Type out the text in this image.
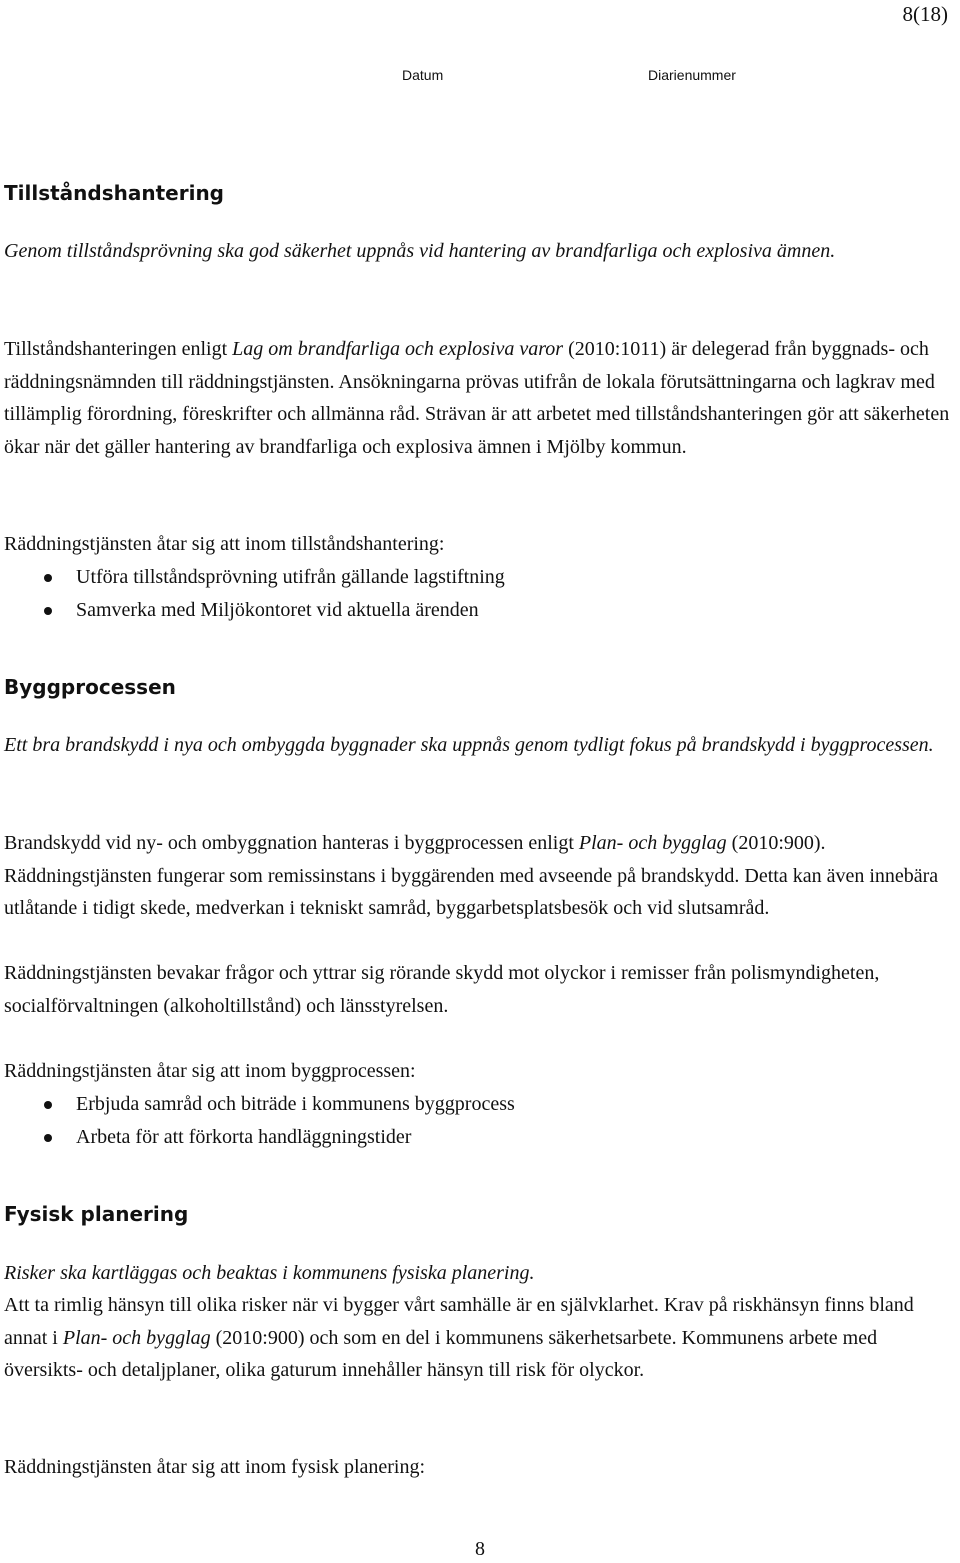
8(18)
Datum	Diarienummer
Tillståndshantering

Genom tillståndsprövning ska god säkerhet uppnås vid hantering av brandfarliga och explosiva ämnen.

Tillståndshanteringen enligt Lag om brandfarliga och explosiva varor (2010:1011) är delegerad från byggnads- och räddningsnämnden till räddningstjänsten. Ansökningarna prövas utifrån de lokala förutsättningarna och lagkrav med tillämplig förordning, föreskrifter och allmänna råd. Strävan är att arbetet med tillståndshanteringen gör att säkerheten ökar när det gäller hantering av brandfarliga och explosiva ämnen i Mjölby kommun.

Räddningstjänsten åtar sig att inom tillståndshantering:

Utföra tillståndsprövning utifrån gällande lagstiftning
Samverka med Miljökontoret vid aktuella ärenden
Byggprocessen

Ett bra brandskydd i nya och ombyggda byggnader ska uppnås genom tydligt fokus på brandskydd i byggprocessen.

Brandskydd vid ny- och ombyggnation hanteras i byggprocessen enligt Plan- och bygglag (2010:900). Räddningstjänsten fungerar som remissinstans i byggärenden med avseende på brandskydd. Detta kan även innebära utlåtande i tidigt skede, medverkan i tekniskt samråd, byggarbetsplatsbesök och vid slutsamråd.

Räddningstjänsten bevakar frågor och yttrar sig rörande skydd mot olyckor i remisser från polismyndigheten, socialförvaltningen (alkoholtillstånd) och länsstyrelsen.

Räddningstjänsten åtar sig att inom byggprocessen:

Erbjuda samråd och biträde i kommunens byggprocess
Arbeta för att förkorta handläggningstider
Fysisk planering

Risker ska kartläggas och beaktas i kommunens fysiska planering.

Att ta rimlig hänsyn till olika risker när vi bygger vårt samhälle är en självklarhet. Krav på riskhänsyn finns bland annat i Plan- och bygglag (2010:900) och som en del i kommunens säkerhetsarbete. Kommunens arbete med översikts- och detaljplaner, olika gaturum innehåller hänsyn till risk för olyckor.

Räddningstjänsten åtar sig att inom fysisk planering:

8
